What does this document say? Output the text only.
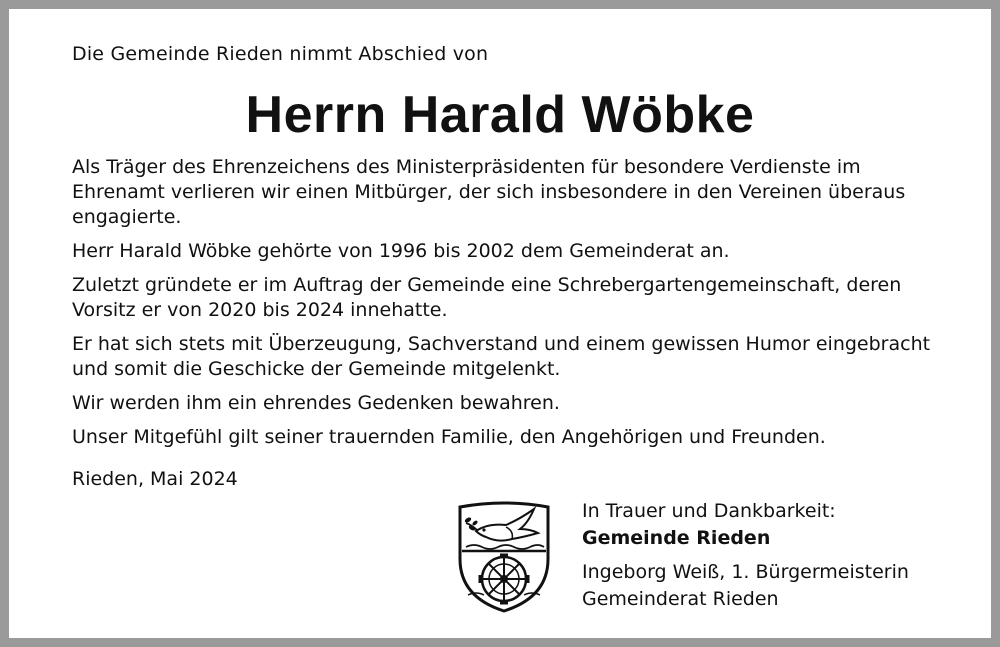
Die Gemeinde Rieden nimmt Abschied von
Herrn Harald Wöbke

Als Träger des Ehrenzeichens des Ministerpräsidenten für besondere Verdienste im Ehrenamt verlieren wir einen Mitbürger, der sich insbesondere in den Vereinen überaus engagierte.

Herr Harald Wöbke gehörte von 1996 bis 2002 dem Gemeinderat an.

Zuletzt gründete er im Auftrag der Gemeinde eine Schrebergartengemeinschaft, deren Vorsitz er von 2020 bis 2024 innehatte.

Er hat sich stets mit Überzeugung, Sachverstand und einem gewissen Humor eingebracht und somit die Geschicke der Gemeinde mitgelenkt.

Wir werden ihm ein ehrendes Gedenken bewahren.

Unser Mitgefühl gilt seiner trauernden Familie, den Angehörigen und Freunden.

Rieden, Mai 2024
In Trauer und Dankbarkeit:
Gemeinde Rieden
Ingeborg Weiß, 1. Bürgermeisterin
Gemeinderat Rieden
